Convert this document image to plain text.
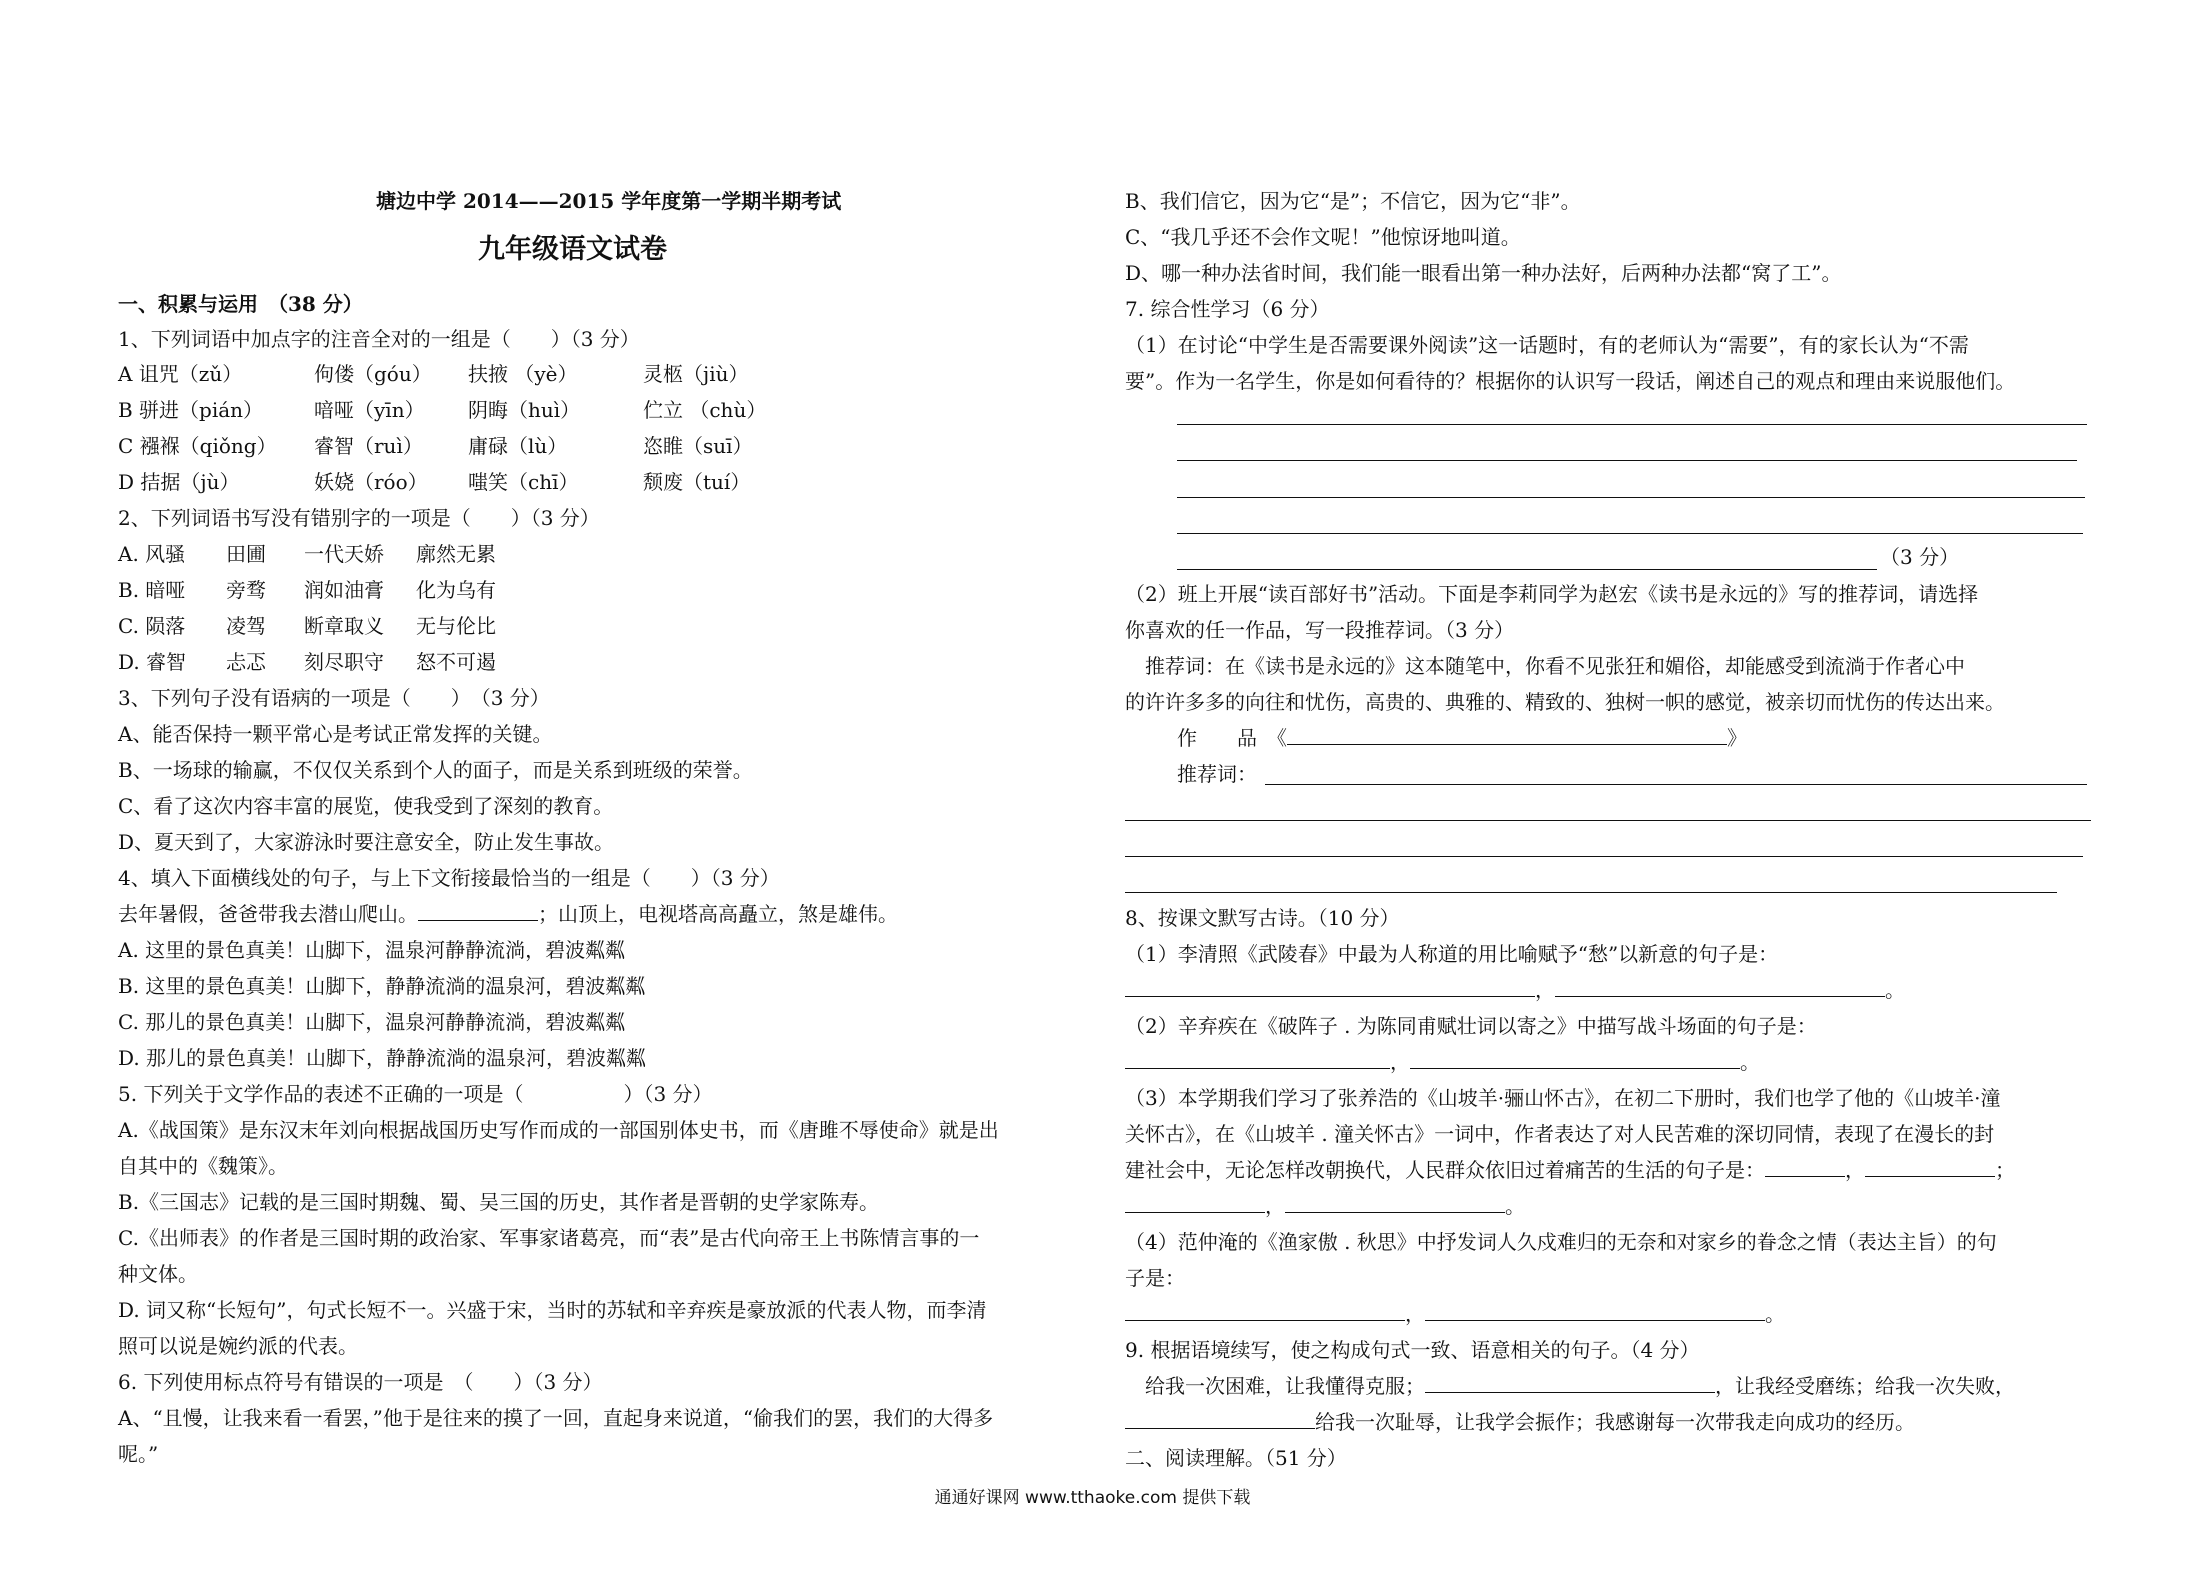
塘边中学 2014——2015 学年度第一学期半期考试
九年级语文试卷
一、积累与运用　（38 分）
1、下列词语中加点字的注音全对的一组是（　　）（3 分）
A 诅咒（zǔ）	佝偻（góu） 扶掖 （yè）	灵柩（jiù）
B 骈进（pián）	喑哑（yīn） 阴晦（huì）	伫立 （chù）
C 襁褓（qiǒng） 睿智（ruì） 庸碌（lù）	恣睢（suī）
D 拮据（jù）	妖娆（róo） 嗤笑（chī）	颓废（tuí）
2、下列词语书写没有错别字的一项是（　　）（3 分）
A. 风骚 田圃 一代天娇 廓然无累
B. 暗哑 旁骛 润如油膏 化为乌有
C. 陨落 凌驾 断章取义 无与伦比
D. 睿智 忐忑 刻尽职守 怒不可遏
3、下列句子没有语病的一项是（　　）　（3 分）
A、能否保持一颗平常心是考试正常发挥的关键。
B、一场球的输赢，不仅仅关系到个人的面子，而是关系到班级的荣誉。
C、看了这次内容丰富的展览，使我受到了深刻的教育。
D、夏天到了，大家游泳时要注意安全，防止发生事故。
4、填入下面横线处的句子，与上下文衔接最恰当的一组是（　　）（3 分）
去年暑假，爸爸带我去潜山爬山。	；山顶上，电视塔高高矗立，煞是雄伟。
A. 这里的景色真美！山脚下，温泉河静静流淌，碧波粼粼
B. 这里的景色真美！山脚下，静静流淌的温泉河，碧波粼粼
C. 那儿的景色真美！山脚下，温泉河静静流淌，碧波粼粼
D. 那儿的景色真美！山脚下，静静流淌的温泉河，碧波粼粼
5. 下列关于文学作品的表述不正确的一项是（　　　　　）（3 分）
A.《战国策》是东汉末年刘向根据战国历史写作而成的一部国别体史书，而《唐雎不辱使命》就是出
自其中的《魏策》。
B.《三国志》记载的是三国时期魏、蜀、吴三国的历史，其作者是晋朝的史学家陈寿。
C.《出师表》的作者是三国时期的政治家、军事家诸葛亮，而“表”是古代向帝王上书陈情言事的一
种文体。
D. 词又称“长短句”，句式长短不一。兴盛于宋，当时的苏轼和辛弃疾是豪放派的代表人物，而李清
照可以说是婉约派的代表。
6. 下列使用标点符号有错误的一项是　（　　）（3 分）
A、“且慢，让我来看一看罢，”他于是往来的摸了一回，直起身来说道，“偷我们的罢，我们的大得多
呢。”
B、我们信它，因为它“是”；不信它，因为它“非”。
C、“我几乎还不会作文呢！”他惊讶地叫道。
D、哪一种办法省时间，我们能一眼看出第一种办法好，后两种办法都“窝了工”。
7. 综合性学习（6 分）
（1）在讨论“中学生是否需要课外阅读”这一话题时，有的老师认为“需要”，有的家长认为“不需
要”。作为一名学生，你是如何看待的？根据你的认识写一段话，阐述自己的观点和理由来说服他们。
（3 分）
（2）班上开展“读百部好书”活动。下面是李莉同学为赵宏《读书是永远的》写的推荐词，请选择
你喜欢的任一作品，写一段推荐词。（3 分）
　推荐词：在《读书是永远的》这本随笔中，你看不见张狂和媚俗，却能感受到流淌于作者心中
的许许多多的向往和忧伤，高贵的、典雅的、精致的、独树一帜的感觉，被亲切而忧伤的传达出来。
作　　品　《	》
推荐词：
8、按课文默写古诗。（10 分）
（1）李清照《武陵春》中最为人称道的用比喻赋予“愁”以新意的句子是：
，	。
（2）辛弃疾在《破阵子 . 为陈同甫赋壮词以寄之》中描写战斗场面的句子是：
，	。
（3）本学期我们学习了张养浩的《山坡羊·骊山怀古》，在初二下册时，我们也学了他的《山坡羊·潼
关怀古》，在《山坡羊 . 潼关怀古》一词中，作者表达了对人民苦难的深切同情，表现了在漫长的封
建社会中，无论怎样改朝换代，人民群众依旧过着痛苦的生活的句子是：	，	；
，	。
（4）范仲淹的《渔家傲 . 秋思》中抒发词人久戍难归的无奈和对家乡的眷念之情（表达主旨）的句
子是：
，	。
9. 根据语境续写，使之构成句式一致、语意相关的句子。（4 分）
　给我一次困难，让我懂得克服；	，让我经受磨练；给我一次失败，
给我一次耻辱，让我学会振作；我感谢每一次带我走向成功的经历。
二、阅读理解。（51 分）
通通好课网 www.tthaoke.com 提供下载
